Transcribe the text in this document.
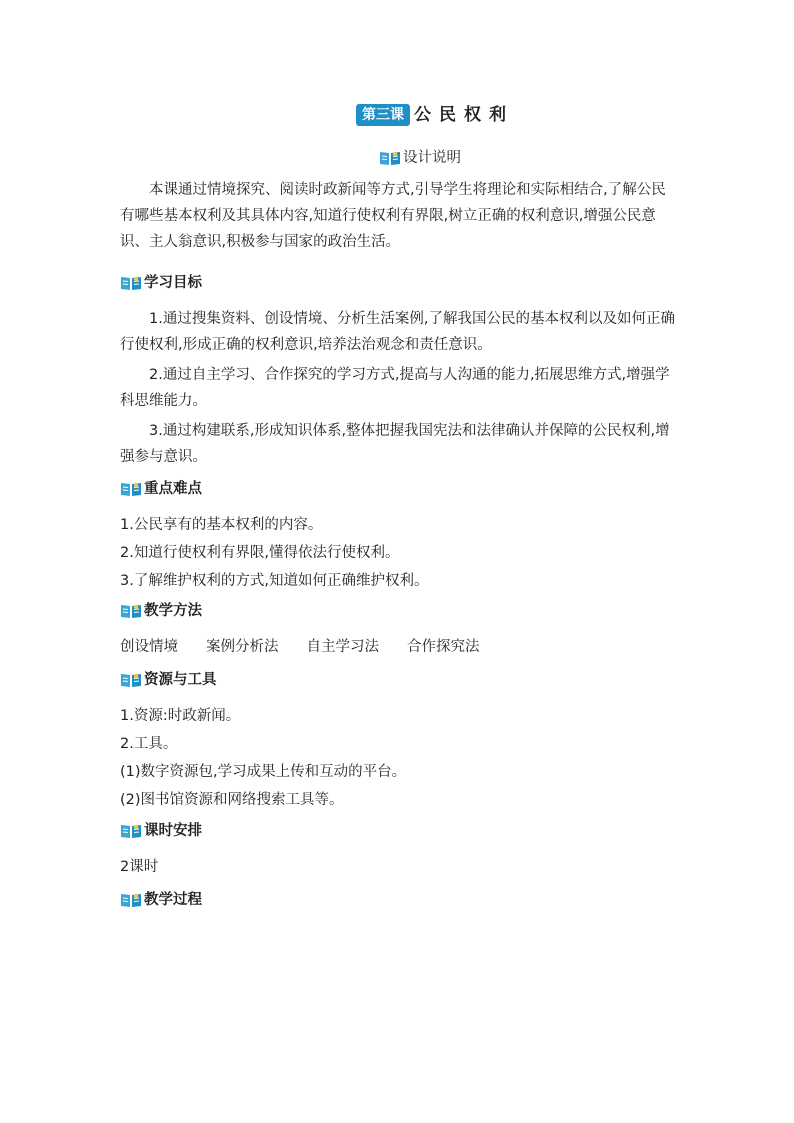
第三课 公民权利
设计说明

本课通过情境探究、阅读时政新闻等方式,引导学生将理论和实际相结合,了解公民有哪些基本权利及其具体内容,知道行使权利有界限,树立正确的权利意识,增强公民意识、主人翁意识,积极参与国家的政治生活。

学习目标

1.通过搜集资料、创设情境、分析生活案例,了解我国公民的基本权利以及如何正确行使权利,形成正确的权利意识,培养法治观念和责任意识。

2.通过自主学习、合作探究的学习方式,提高与人沟通的能力,拓展思维方式,增强学科思维能力。

3.通过构建联系,形成知识体系,整体把握我国宪法和法律确认并保障的公民权利,增强参与意识。

重点难点

1.公民享有的基本权利的内容。

2.知道行使权利有界限,懂得依法行使权利。

3.了解维护权利的方式,知道如何正确维护权利。

教学方法

创设情境 案例分析法 自主学习法 合作探究法

资源与工具

1.资源:时政新闻。

2.工具。

(1)数字资源包,学习成果上传和互动的平台。

(2)图书馆资源和网络搜索工具等。

课时安排

2课时

教学过程
